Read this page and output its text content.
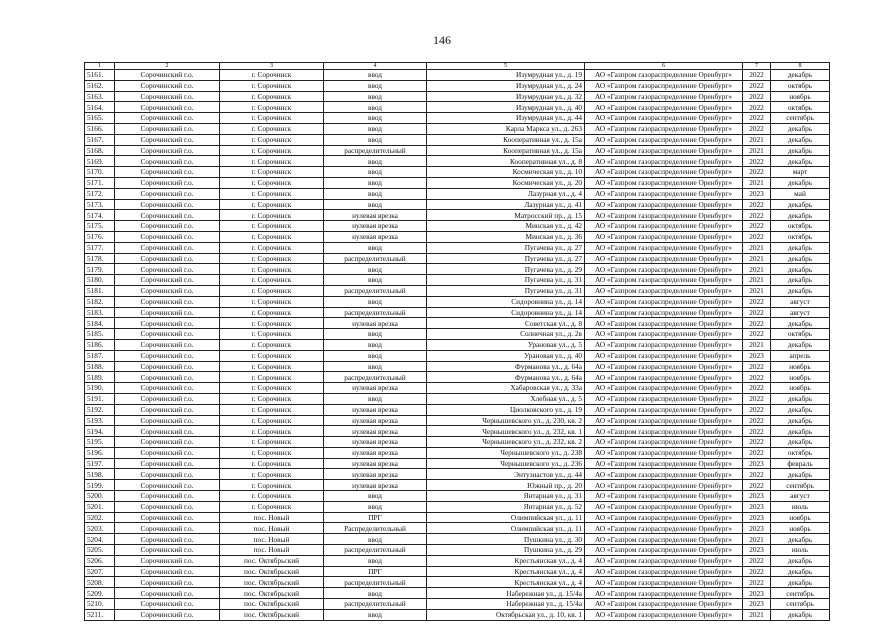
146
1	2	3	4	5	6	7	8
5161.	Сорочинский г.о.	г. Сорочинск	ввод	Изумрудная ул., д. 19	АО «Газпром газораспределение Оренбург»	2022	декабрь
5162.	Сорочинский г.о.	г. Сорочинск	ввод	Изумрудная ул., д. 24	АО «Газпром газораспределение Оренбург»	2022	октябрь
5163.	Сорочинский г.о.	г. Сорочинск	ввод	Изумрудная ул., д. 32	АО «Газпром газораспределение Оренбург»	2022	ноябрь
5164.	Сорочинский г.о.	г. Сорочинск	ввод	Изумрудная ул., д. 40	АО «Газпром газораспределение Оренбург»	2022	октябрь
5165.	Сорочинский г.о.	г. Сорочинск	ввод	Изумрудная ул., д. 44	АО «Газпром газораспределение Оренбург»	2022	сентябрь
5166.	Сорочинский г.о.	г. Сорочинск	ввод	Карла Маркса ул., д. 263	АО «Газпром газораспределение Оренбург»	2022	декабрь
5167.	Сорочинский г.о.	г. Сорочинск	ввод	Кооперативная ул., д. 15а	АО «Газпром газораспределение Оренбург»	2021	декабрь
5168.	Сорочинский г.о.	г. Сорочинск	распределительный	Кооперативная ул., д. 15а	АО «Газпром газораспределение Оренбург»	2021	декабрь
5169.	Сорочинский г.о.	г. Сорочинск	ввод	Кооперативная ул., д. 8	АО «Газпром газораспределение Оренбург»	2022	декабрь
5170.	Сорочинский г.о.	г. Сорочинск	ввод	Космическая ул., д. 10	АО «Газпром газораспределение Оренбург»	2022	март
5171.	Сорочинский г.о.	г. Сорочинск	ввод	Космическая ул., д. 20	АО «Газпром газораспределение Оренбург»	2021	декабрь
5172.	Сорочинский г.о.	г. Сорочинск	ввод	Лазурная ул., д. 4	АО «Газпром газораспределение Оренбург»	2023	май
5173.	Сорочинский г.о.	г. Сорочинск	ввод	Лазурная ул., д. 41	АО «Газпром газораспределение Оренбург»	2022	декабрь
5174.	Сорочинский г.о.	г. Сорочинск	нулевая врезка	Матросский пр., д. 15	АО «Газпром газораспределение Оренбург»	2022	декабрь
5175.	Сорочинский г.о.	г. Сорочинск	нулевая врезка	Минская ул., д. 42	АО «Газпром газораспределение Оренбург»	2022	октябрь
5176.	Сорочинский г.о.	г. Сорочинск	нулевая врезка	Минская ул., д. 36	АО «Газпром газораспределение Оренбург»	2022	октябрь
5177.	Сорочинский г.о.	г. Сорочинск	ввод	Пугачева ул., д. 27	АО «Газпром газораспределение Оренбург»	2021	декабрь
5178.	Сорочинский г.о.	г. Сорочинск	распределительный	Пугачева ул., д. 27	АО «Газпром газораспределение Оренбург»	2021	декабрь
5179.	Сорочинский г.о.	г. Сорочинск	ввод	Пугачева ул., д. 29	АО «Газпром газораспределение Оренбург»	2021	декабрь
5180.	Сорочинский г.о.	г. Сорочинск	ввод	Пугачева ул., д. 31	АО «Газпром газораспределение Оренбург»	2021	декабрь
5181.	Сорочинский г.о.	г. Сорочинск	распределительный	Пугачева ул., д. 31	АО «Газпром газораспределение Оренбург»	2021	декабрь
5182.	Сорочинский г.о.	г. Сорочинск	ввод	Сидоровнина ул., д. 14	АО «Газпром газораспределение Оренбург»	2022	август
5183.	Сорочинский г.о.	г. Сорочинск	распределительный	Сидоровнина ул., д. 14	АО «Газпром газораспределение Оренбург»	2022	август
5184.	Сорочинский г.о.	г. Сорочинск	нулевая врезка	Советская ул., д. 8	АО «Газпром газораспределение Оренбург»	2022	декабрь
5185.	Сорочинский г.о.	г. Сорочинск	ввод	Солнечная ул., д. 2в	АО «Газпром газораспределение Оренбург»	2022	октябрь
5186.	Сорочинский г.о.	г. Сорочинск	ввод	Урановая ул., д. 5	АО «Газпром газораспределение Оренбург»	2021	декабрь
5187.	Сорочинский г.о.	г. Сорочинск	ввод	Урановая ул., д. 40	АО «Газпром газораспределение Оренбург»	2023	апрель
5188.	Сорочинский г.о.	г. Сорочинск	ввод	Фурманова ул., д. 64а	АО «Газпром газораспределение Оренбург»	2022	ноябрь
5189.	Сорочинский г.о.	г. Сорочинск	распределительный	Фурманова ул., д. 64а	АО «Газпром газораспределение Оренбург»	2022	ноябрь
5190.	Сорочинский г.о.	г. Сорочинск	нулевая врезка	Хабаровская ул., д. 33а	АО «Газпром газораспределение Оренбург»	2022	ноябрь
5191.	Сорочинский г.о.	г. Сорочинск	ввод	Хлебная ул., д. 5	АО «Газпром газораспределение Оренбург»	2022	декабрь
5192.	Сорочинский г.о.	г. Сорочинск	нулевая врезка	Циолковского ул., д. 19	АО «Газпром газораспределение Оренбург»	2022	декабрь
5193.	Сорочинский г.о.	г. Сорочинск	нулевая врезка	Чернышевского ул., д. 230, кв. 2	АО «Газпром газораспределение Оренбург»	2022	декабрь
5194.	Сорочинский г.о.	г. Сорочинск	нулевая врезка	Чернышевского ул., д. 232, кв. 1	АО «Газпром газораспределение Оренбург»	2022	декабрь
5195.	Сорочинский г.о.	г. Сорочинск	нулевая врезка	Чернышевского ул., д. 232, кв. 2	АО «Газпром газораспределение Оренбург»	2022	декабрь
5196.	Сорочинский г.о.	г. Сорочинск	нулевая врезка	Чернышевского ул., д. 238	АО «Газпром газораспределение Оренбург»	2022	октябрь
5197.	Сорочинский г.о.	г. Сорочинск	нулевая врезка	Чернышевского ул., д. 236	АО «Газпром газораспределение Оренбург»	2023	февраль
5198.	Сорочинский г.о.	г. Сорочинск	нулевая врезка	Энтузиастов ул., д. 44	АО «Газпром газораспределение Оренбург»	2022	декабрь
5199.	Сорочинский г.о.	г. Сорочинск	нулевая врезка	Южный пр., д. 20	АО «Газпром газораспределение Оренбург»	2022	сентябрь
5200.	Сорочинский г.о.	г. Сорочинск	ввод	Янтарная ул., д. 31	АО «Газпром газораспределение Оренбург»	2023	август
5201.	Сорочинский г.о.	г. Сорочинск	ввод	Янтарная ул., д. 52	АО «Газпром газораспределение Оренбург»	2023	июль
5202.	Сорочинский г.о.	пос. Новый	ПРГ	Олимпийская ул., д. 11	АО «Газпром газораспределение Оренбург»	2023	ноябрь
5203.	Сорочинский г.о.	пос. Новый	Распределительный	Олимпийская ул., д. 11	АО «Газпром газораспределение Оренбург»	2023	ноябрь
5204.	Сорочинский г.о.	пос. Новый	ввод	Пушкина ул., д. 30	АО «Газпром газораспределение Оренбург»	2021	декабрь
5205.	Сорочинский г.о.	пос. Новый	распределительный	Пушкина ул., д. 29	АО «Газпром газораспределение Оренбург»	2023	июль
5206.	Сорочинский г.о.	пос. Октябрьский	ввод	Крестьянская ул., д. 4	АО «Газпром газораспределение Оренбург»	2022	декабрь
5207.	Сорочинский г.о.	пос. Октябрьский	ПРГ	Крестьянская ул., д. 4	АО «Газпром газораспределение Оренбург»	2022	декабрь
5208.	Сорочинский г.о.	пос. Октябрьский	распределительный	Крестьянская ул., д. 4	АО «Газпром газораспределение Оренбург»	2022	декабрь
5209.	Сорочинский г.о.	пос. Октябрьский	ввод	Набережная ул., д. 15/4а	АО «Газпром газораспределение Оренбург»	2023	сентябрь
5210.	Сорочинский г.о.	пос. Октябрьский	распределительный	Набережная ул., д. 15/4а	АО «Газпром газораспределение Оренбург»	2023	сентябрь
5211.	Сорочинский г.о.	пос. Октябрьский	ввод	Октябрьская ул., д. 10, кв. 1	АО «Газпром газораспределение Оренбург»	2021	декабрь
